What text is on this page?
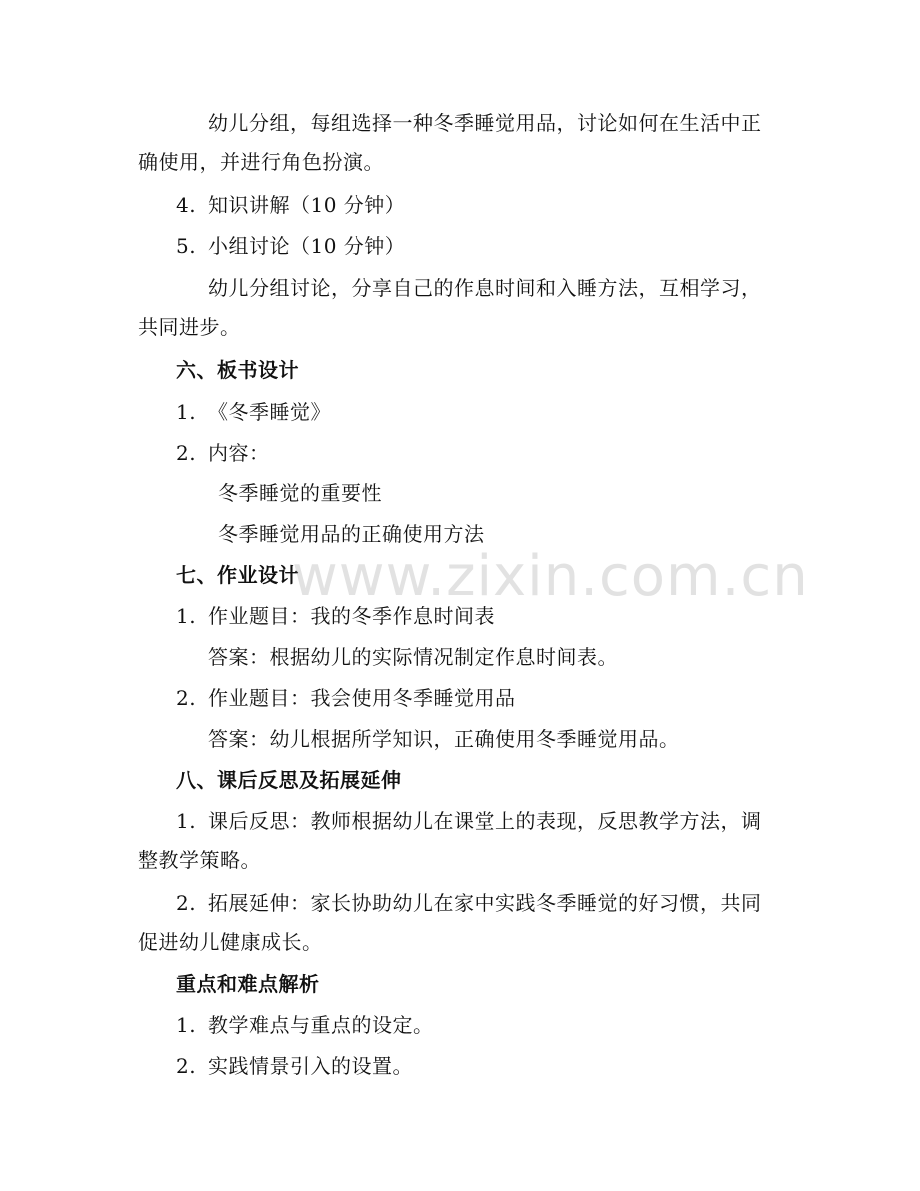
幼儿分组，每组选择一种冬季睡觉用品，讨论如何在生活中正
确使用，并进行角色扮演。
4. 知识讲解（10 分钟）
5. 小组讨论（10 分钟）
幼儿分组讨论，分享自己的作息时间和入睡方法，互相学习，
共同进步。
六、板书设计
1. 《冬季睡觉》
2. 内容：
冬季睡觉的重要性
冬季睡觉用品的正确使用方法
七、作业设计
1. 作业题目：我的冬季作息时间表
答案：根据幼儿的实际情况制定作息时间表。
2. 作业题目：我会使用冬季睡觉用品
答案：幼儿根据所学知识，正确使用冬季睡觉用品。
八、课后反思及拓展延伸
1. 课后反思：教师根据幼儿在课堂上的表现，反思教学方法，调
整教学策略。
2. 拓展延伸：家长协助幼儿在家中实践冬季睡觉的好习惯，共同
促进幼儿健康成长。
重点和难点解析
1. 教学难点与重点的设定。
2. 实践情景引入的设置。
www.zixin.com.cn
